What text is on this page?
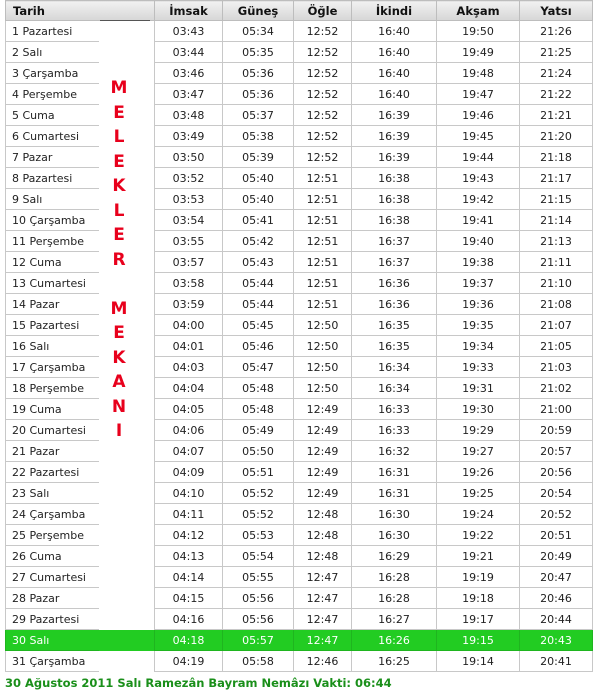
Tarih		İmsak	Güneş	Öğle	İkindi	Akşam	Yatsı
1 Pazartesi		03:43	05:34	12:52	16:40	19:50	21:26
2 Salı		03:44	05:35	12:52	16:40	19:49	21:25
3 Çarşamba		03:46	05:36	12:52	16:40	19:48	21:24
4 Perşembe		03:47	05:36	12:52	16:40	19:47	21:22
5 Cuma		03:48	05:37	12:52	16:39	19:46	21:21
6 Cumartesi		03:49	05:38	12:52	16:39	19:45	21:20
7 Pazar		03:50	05:39	12:52	16:39	19:44	21:18
8 Pazartesi		03:52	05:40	12:51	16:38	19:43	21:17
9 Salı		03:53	05:40	12:51	16:38	19:42	21:15
10 Çarşamba		03:54	05:41	12:51	16:38	19:41	21:14
11 Perşembe		03:55	05:42	12:51	16:37	19:40	21:13
12 Cuma		03:57	05:43	12:51	16:37	19:38	21:11
13 Cumartesi		03:58	05:44	12:51	16:36	19:37	21:10
14 Pazar		03:59	05:44	12:51	16:36	19:36	21:08
15 Pazartesi		04:00	05:45	12:50	16:35	19:35	21:07
16 Salı		04:01	05:46	12:50	16:35	19:34	21:05
17 Çarşamba		04:03	05:47	12:50	16:34	19:33	21:03
18 Perşembe		04:04	05:48	12:50	16:34	19:31	21:02
19 Cuma		04:05	05:48	12:49	16:33	19:30	21:00
20 Cumartesi		04:06	05:49	12:49	16:33	19:29	20:59
21 Pazar		04:07	05:50	12:49	16:32	19:27	20:57
22 Pazartesi		04:09	05:51	12:49	16:31	19:26	20:56
23 Salı		04:10	05:52	12:49	16:31	19:25	20:54
24 Çarşamba		04:11	05:52	12:48	16:30	19:24	20:52
25 Perşembe		04:12	05:53	12:48	16:30	19:22	20:51
26 Cuma		04:13	05:54	12:48	16:29	19:21	20:49
27 Cumartesi		04:14	05:55	12:47	16:28	19:19	20:47
28 Pazar		04:15	05:56	12:47	16:28	19:18	20:46
29 Pazartesi		04:16	05:56	12:47	16:27	19:17	20:44
30 Salı		04:18	05:57	12:47	16:26	19:15	20:43
31 Çarşamba		04:19	05:58	12:46	16:25	19:14	20:41
M
E
L
E
K
L
E
R
M
E
K
A
N
I
30 Ağustos 2011 Salı Ramezân Bayram Nemâzı Vakti: 06:44
